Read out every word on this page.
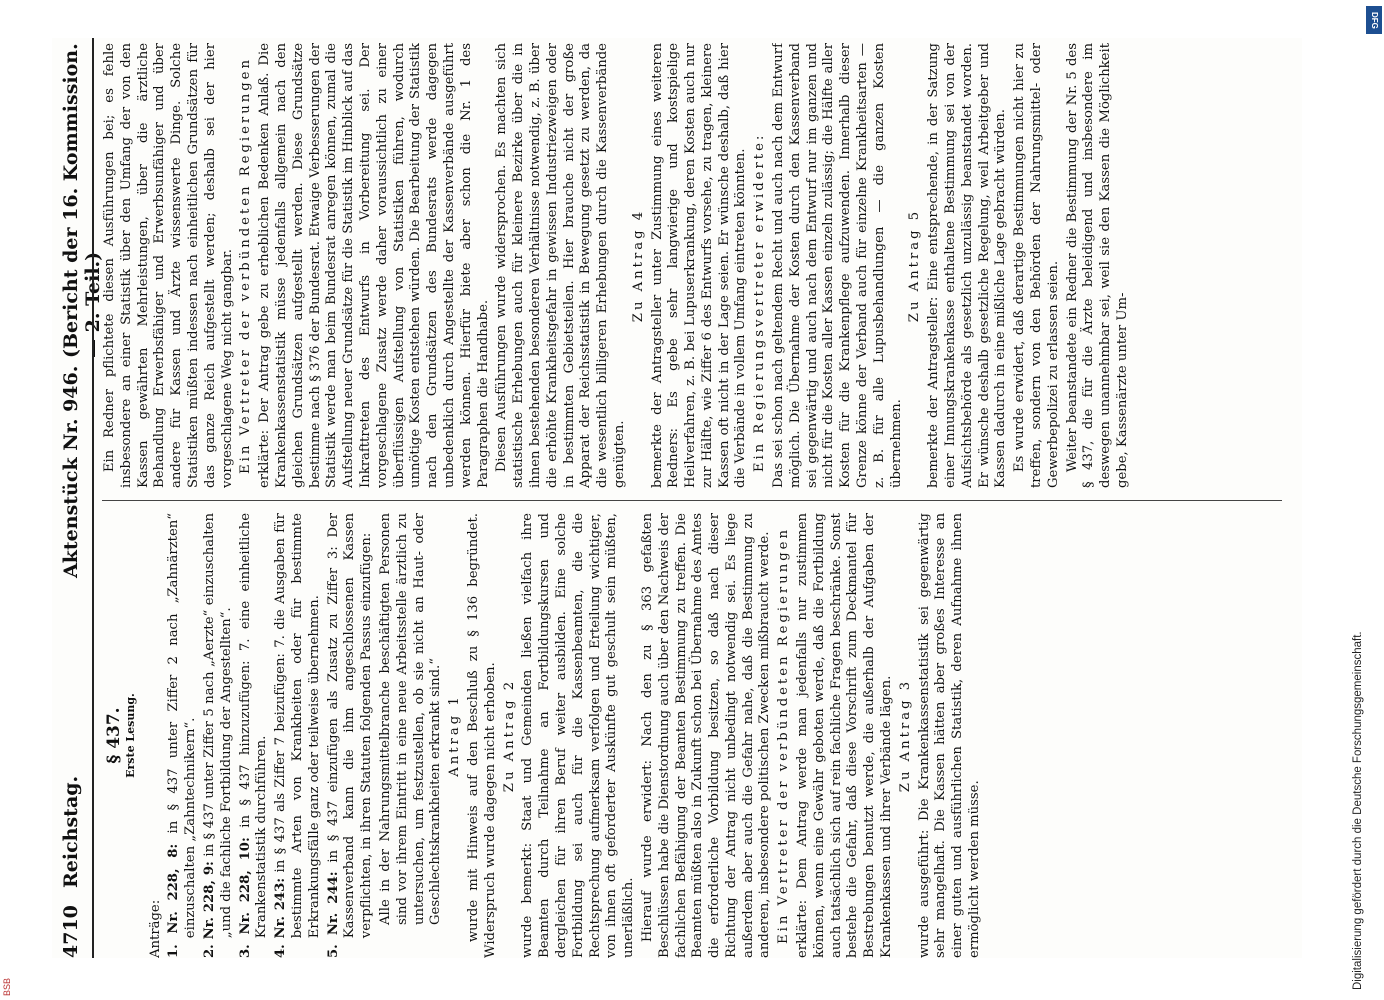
4710
Reichstag.
Aktenstück Nr. 946.
(Bericht der 16. Kommission. — 2. Teil.)
§ 437. Erste Lesung.

Anträge: 1. Nr. 228, 8: in § 437 unter Ziffer 2 nach „Zahnärzten“ einzuschalten „Zahntechnikern“. 2. Nr. 228, 9: in § 437 unter Ziffer 5 nach „Aerzte“ einzuschalten „und die fachliche Fortbildung der Angestellten“. 3. Nr. 228, 10: in § 437 hinzuzufügen: 7. eine einheitliche Krankenstatistik durchführen. 4. Nr. 243: in § 437 als Ziffer 7 beizufügen: 7. die Ausgaben für bestimmte Arten von Krankheiten oder für bestimmte Erkrankungsfälle ganz oder teilweise übernehmen. 5. Nr. 244: in § 437 einzufügen als Zusatz zu Ziffer 3: Der Kassenverband kann die ihm angeschlossenen Kassen verpflichten, in ihren Statuten folgenden Passus einzufügen: Alle in der Nahrungsmittelbranche beschäftigten Personen sind vor ihrem Eintritt in eine neue Arbeitsstelle ärztlich zu untersuchen, um festzustellen, ob sie nicht an Haut- oder Geschlechtskrankheiten erkrankt sind.“ Antrag 1 wurde mit Hinweis auf den Beschluß zu § 136 begründet. Widerspruch wurde dagegen nicht erhoben. Zu Antrag 2 wurde bemerkt: Staat und Gemeinden ließen vielfach ihre Beamten durch Teilnahme an Fortbildungskursen und dergleichen für ihren Beruf weiter ausbilden. Eine solche Fortbildung sei auch für die Kassenbeamten, die die Rechtsprechung aufmerksam verfolgen und Erteilung wichtiger, von ihnen oft geforderter Auskünfte gut geschult sein müßten, unerläßlich. Hierauf wurde erwidert: Nach den zu § 363 gefaßten Beschlüssen habe die Dienstordnung auch über den Nachweis der fachlichen Befähigung der Beamten Bestimmung zu treffen. Die Beamten müßten also in Zukunft schon bei Übernahme des Amtes die erforderliche Vorbildung besitzen, so daß nach dieser Richtung der Antrag nicht unbedingt notwendig sei. Es liege außerdem aber auch die Gefahr nahe, daß die Bestimmung zu anderen, insbesondere politischen Zwecken mißbraucht werde. Ein Vertreter der verbündeten Regierungen erklärte: Dem Antrag werde man jedenfalls nur zustimmen können, wenn eine Gewähr geboten werde, daß die Fortbildung auch tatsächlich sich auf rein fachliche Fragen beschränke. Sonst bestehe die Gefahr, daß diese Vorschrift zum Deckmantel für Bestrebungen benutzt werde, die außerhalb der Aufgaben der Krankenkassen und ihrer Verbände lägen. Zu Antrag 3 wurde ausgeführt: Die Krankenkassenstatistik sei gegenwärtig sehr mangelhaft. Die Kassen hätten aber großes Interesse an einer guten und ausführlichen Statistik, deren Aufnahme ihnen ermöglicht werden müsse.

Ein Redner pflichtete diesen Ausführungen bei; es fehle insbesondere an einer Statistik über den Umfang der von den Kassen gewährten Mehrleistungen, über die ärztliche Behandlung Erwerbsfähiger und Erwerbsunfähiger und über andere für Kassen und Ärzte wissenswerte Dinge. Solche Statistiken müßten indessen nach einheitlichen Grundsätzen für das ganze Reich aufgestellt werden; deshalb sei der hier vorgeschlagene Weg nicht gangbar. Ein Vertreter der verbündeten Regierungen erklärte: Der Antrag gebe zu erheblichen Bedenken Anlaß. Die Krankenkassenstatistik müsse jedenfalls allgemein nach den gleichen Grundsätzen aufgestellt werden. Diese Grundsätze bestimme nach § 376 der Bundesrat. Etwaige Verbesserungen der Statistik werde man beim Bundesrat anregen können, zumal die Aufstellung neuer Grundsätze für die Statistik im Hinblick auf das Inkrafttreten des Entwurfs in Vorbereitung sei. Der vorgeschlagene Zusatz werde daher voraussichtlich zu einer überflüssigen Aufstellung von Statistiken führen, wodurch unnötige Kosten entstehen würden. Die Bearbeitung der Statistik nach den Grundsätzen des Bundesrats werde dagegen unbedenklich durch Angestellte der Kassenverbände ausgeführt werden können. Hierfür biete aber schon die Nr. 1 des Paragraphen die Handhabe. Diesen Ausführungen wurde widersprochen. Es machten sich statistische Erhebungen auch für kleinere Bezirke über die in ihnen bestehenden besonderen Verhältnisse notwendig, z. B. über die erhöhte Krankheitsgefahr in gewissen Industriezweigen oder in bestimmten Gebietsteilen. Hier brauche nicht der große Apparat der Reichsstatistik in Bewegung gesetzt zu werden, da die wesentlich billigeren Erhebungen durch die Kassenverbände genügten.

Zu Antrag 4 bemerkte der Antragsteller unter Zustimmung eines weiteren Redners: Es gebe sehr langwierige und kostspielige Heilverfahren, z. B. bei Lupuserkrankung, deren Kosten auch nur zur Hälfte, wie Ziffer 6 des Entwurfs vorsehe, zu tragen, kleinere Kassen oft nicht in der Lage seien. Er wünsche deshalb, daß hier die Verbände in vollem Umfang eintreten könnten. Ein Regierungsvertreter erwiderte: Das sei schon nach geltendem Recht und auch nach dem Entwurf möglich. Die Übernahme der Kosten durch den Kassenverband sei gegenwärtig und auch nach dem Entwurf nur im ganzen und nicht für die Kosten aller Kassen einzeln zulässig; die Hälfte aller Kosten für die Krankenpflege aufzuwenden. Innerhalb dieser Grenze könne der Verband auch für einzelne Krankheitsarten — z. B. für alle Lupusbehandlungen — die ganzen Kosten übernehmen.

Zu Antrag 5 bemerkte der Antragsteller: Eine entsprechende, in der Satzung einer Innungskrankenkasse enthaltene Bestimmung sei von der Aufsichtsbehörde als gesetzlich unzulässig beanstandet worden. Er wünsche deshalb gesetzliche Regelung, weil Arbeitgeber und Kassen dadurch in eine mißliche Lage gebracht würden. Es wurde erwidert, daß derartige Bestimmungen nicht hier zu treffen, sondern von den Behörden der Nahrungsmittel- oder Gewerbepolizei zu erlassen seien. Weiter beanstandete ein Redner die Bestimmung der Nr. 5 des § 437, die für die Ärzte beleidigend und insbesondere im deswegen unannehmbar sei, weil sie den Kassen die Möglichkeit gebe, Kassenärzte unter Um-

DFG
Digitalisierung gefördert durch die Deutsche Forschungsgemeinschaft.
BSB
